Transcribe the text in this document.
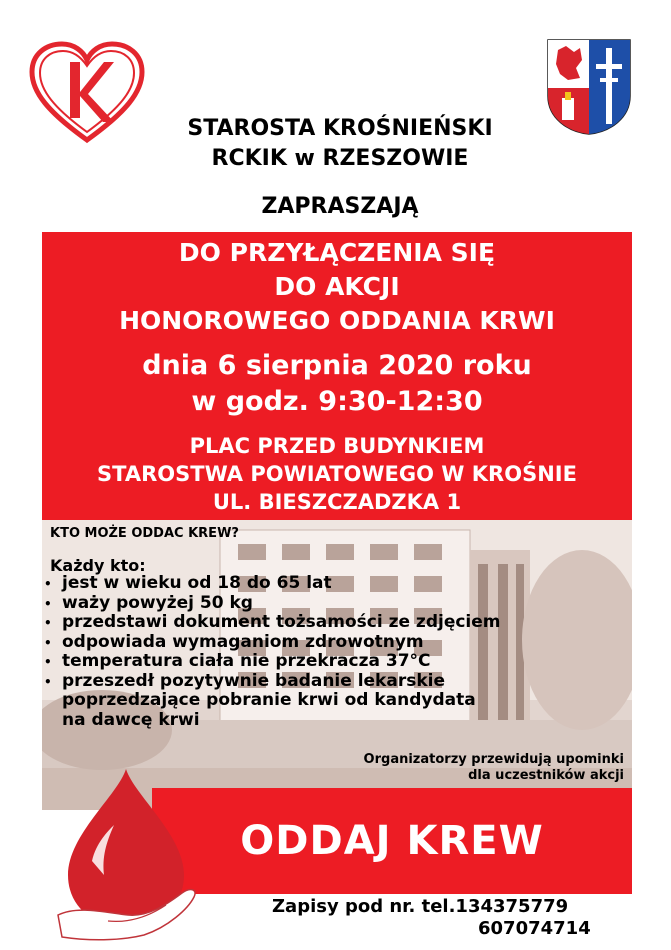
K
STAROSTA KROŚNIEŃSKI
RCKIK w RZESZOWIE
ZAPRASZAJĄ
DO PRZYŁĄCZENIA SIĘ
DO AKCJI
HONOROWEGO ODDANIA KRWI
dnia 6 sierpnia 2020 roku
w godz. 9:30-12:30
PLAC PRZED BUDYNKIEM
STAROSTWA POWIATOWEGO W KROŚNIE
UL. BIESZCZADZKA 1
KTO MOŻE ODDAC KREW?
Każdy kto:
• jest w wieku od 18 do 65 lat
• waży powyżej 50 kg
• przedstawi dokument tożsamości ze zdjęciem
• odpowiada wymaganiom zdrowotnym
• temperatura ciała nie przekracza 37°C
• przeszedł pozytywnie badanie lekarskie
poprzedzające pobranie krwi od kandydata
na dawcę krwi
Organizatorzy przewidują upominki
dla uczestników akcji
ODDAJ KREW
Zapisy pod nr. tel.134375779
607074714
